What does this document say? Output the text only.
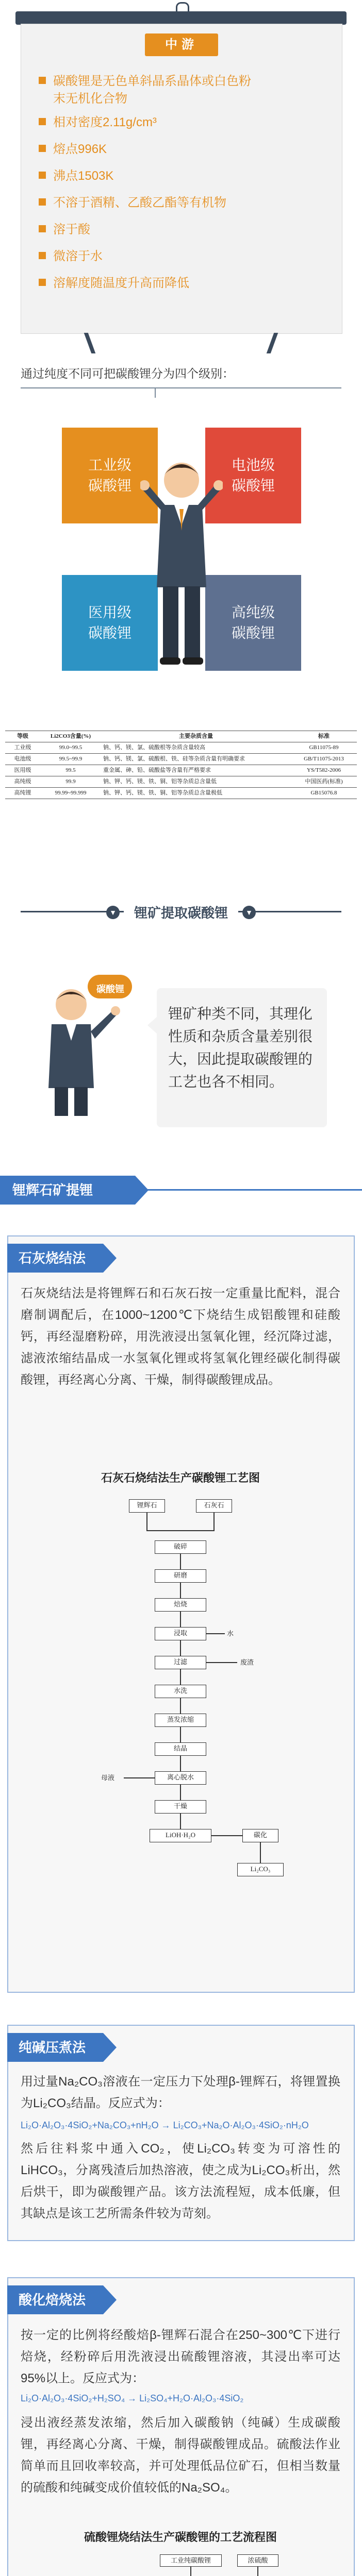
中游
碳酸锂是无色单斜晶系晶体或白色粉
末无机化合物
相对密度2.11g/cm³
熔点996K
沸点1503K
不溶于酒精、乙酸乙酯等有机物
溶于酸
微溶于水
溶解度随温度升高而降低
通过纯度不同可把碳酸锂分为四个级别：
工业级
碳酸锂
电池级
碳酸锂
医用级
碳酸锂
高纯级
碳酸锂
等级	Li2CO3含量(%)	主要杂质含量	标准
工业级	99.0~99.5	钠、钙、镁、氯、硫酸根等杂质含量较高	GB11075-89
电池级	99.5~99.9	钠、钙、镁、氯、硫酸根、铁、硅等杂质含量有明确要求	GB/T11075-2013
医用级	99.5	重金属、砷、铅、硫酸盐等含量有严格要求	YS/T582-2006
高纯级	99.9	钠、钾、钙、镁、铁、铜、铝等杂质总含量低	中国医药(标准)
高纯锂	99.99~99.999	钠、钾、钙、镁、铁、铜、铝等杂质总含量极低	GB15076.8
▼	▼
锂矿提取碳酸锂
碳酸锂

锂矿种类不同，其理化性质和杂质含量差别很大，因此提取碳酸锂的工艺也各不相同。

锂辉石矿提锂
石灰烧结法
石灰烧结法是将锂辉石和石灰石按一定重量比配料，混合磨制调配后，在1000~1200℃下烧结生成铝酸锂和硅酸钙，再经湿磨粉碎，用洗液浸出氢氧化锂，经沉降过滤，滤液浓缩结晶成一水氢氧化锂或将氢氧化锂经碳化制得碳酸锂，再经离心分离、干燥，制得碳酸锂成品。
石灰石烧结法生产碳酸锂工艺图
锂辉石	石灰石
破碎
研磨
焙烧
浸取	水
过滤	废渣
水洗
蒸发浓缩
结晶
离心脱水
母液
干燥
LiOH·H₂O	碳化
Li₂CO₃
纯碱压煮法
用过量Na₂CO₃溶液在一定压力下处理β-锂辉石，将锂置换为Li₂CO₃结晶。反应式为：
Li₂O·Al₂O₃·4SiO₂+Na₂CO₃+nH₂O → Li₂CO₃+Na₂O·Al₂O₃·4SiO₂·nH₂O
然后往料浆中通入CO₂，使Li₂CO₃转变为可溶性的LiHCO₃，分离残渣后加热溶液，使之成为Li₂CO₃析出，然后烘干，即为碳酸锂产品。该方法流程短，成本低廉，但其缺点是该工艺所需条件较为苛刻。
酸化焙烧法
按一定的比例将经酸焙β-锂辉石混合在250~300℃下进行焙烧，经粉碎后用洗液浸出硫酸锂溶液，其浸出率可达95%以上。反应式为：
Li₂O·Al₂O₃·4SiO₂+H₂SO₄ → Li₂SO₄+H₂O·Al₂O₃·4SiO₂
浸出液经蒸发浓缩，然后加入碳酸钠（纯碱）生成碳酸锂，再经离心分离、干燥，制得碳酸锂成品。硫酸法作业简单而且回收率较高，并可处理低品位矿石，但相当数量的硫酸和纯碱变成价值较低的Na₂SO₄。
硫酸锂烧结法生产碳酸锂的工艺流程图
工业纯碳酸锂	浓硫酸
